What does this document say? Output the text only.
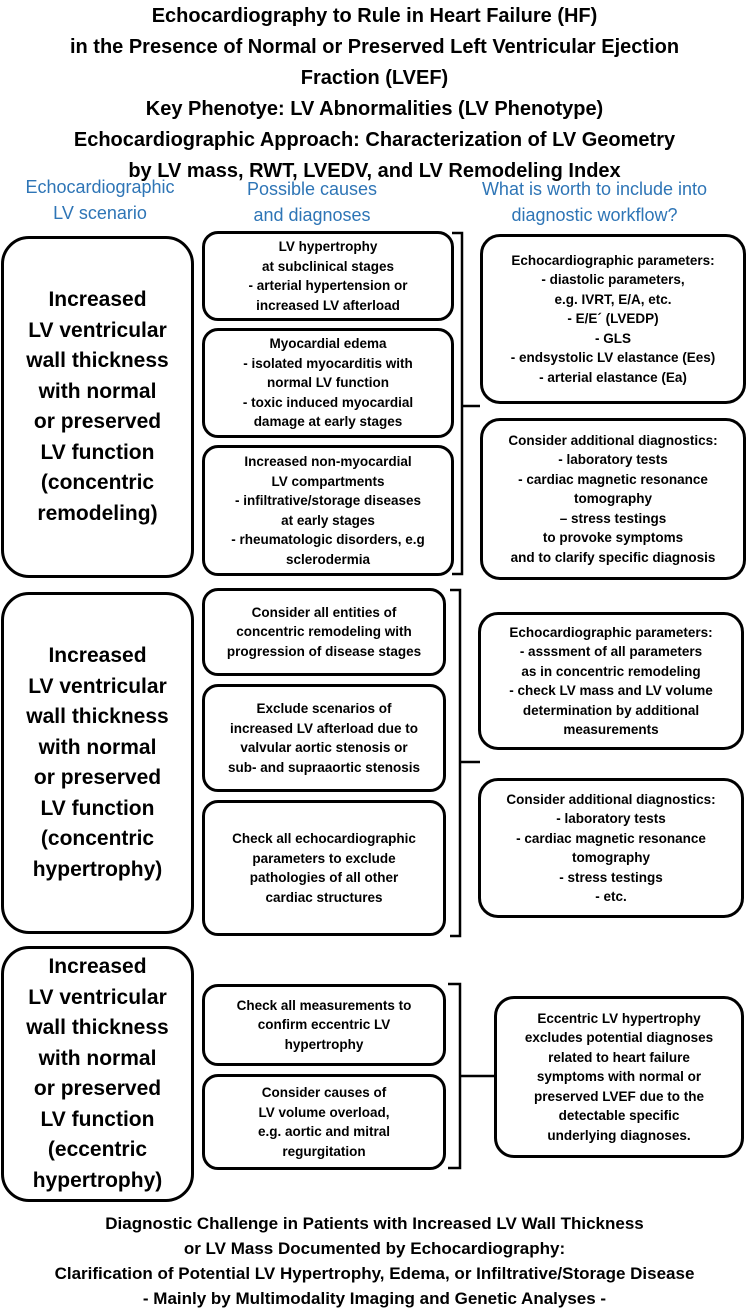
Echocardiography to Rule in Heart Failure (HF)
in the Presence of Normal or Preserved Left Ventricular Ejection
Fraction (LVEF)
Key Phenotye: LV Abnormalities (LV Phenotype)
Echocardiographic Approach: Characterization of LV Geometry
by LV mass, RWT, LVEDV, and LV Remodeling Index
Echocardiographic
LV scenario
Possible causes
and diagnoses
What is worth to include into
diagnostic workflow?
Increased
LV ventricular
wall thickness
with normal
or preserved
LV function
(concentric
remodeling)
LV hypertrophy
at subclinical stages
- arterial hypertension or
increased LV afterload
Myocardial edema
- isolated myocarditis with
normal LV function
- toxic induced myocardial
damage at early stages
Increased non-myocardial
LV compartments
- infiltrative/storage diseases
at early stages
- rheumatologic disorders, e.g
sclerodermia
Echocardiographic parameters:
- diastolic parameters,
e.g. IVRT, E/A, etc.
- E/E´ (LVEDP)
- GLS
- endsystolic LV elastance (Ees)
- arterial elastance (Ea)
Consider additional diagnostics:
- laboratory tests
- cardiac magnetic resonance
tomography
– stress testings
to provoke symptoms
and to clarify specific diagnosis
Increased
LV ventricular
wall thickness
with normal
or preserved
LV function
(concentric
hypertrophy)
Consider all entities of
concentric remodeling with
progression of disease stages
Exclude scenarios of
increased LV afterload due to
valvular aortic stenosis or
sub- and supraaortic stenosis
Check all echocardiographic
parameters to exclude
pathologies of all other
cardiac structures
Echocardiographic parameters:
- asssment of all parameters
as in concentric remodeling
- check LV mass and LV volume
determination by additional
measurements
Consider additional diagnostics:
- laboratory tests
- cardiac magnetic resonance
tomography
- stress testings
- etc.
Increased
LV ventricular
wall thickness
with normal
or preserved
LV function
(eccentric
hypertrophy)
Check all measurements to
confirm eccentric LV
hypertrophy
Consider causes of
LV volume overload,
e.g. aortic and mitral
regurgitation
Eccentric LV hypertrophy
excludes potential diagnoses
related to heart failure
symptoms with normal or
preserved LVEF due to the
detectable specific
underlying diagnoses.
Diagnostic Challenge in Patients with Increased LV Wall Thickness
or LV Mass Documented by Echocardiography:
Clarification of Potential LV Hypertrophy, Edema, or Infiltrative/Storage Disease
- Mainly by Multimodality Imaging and Genetic Analyses -
